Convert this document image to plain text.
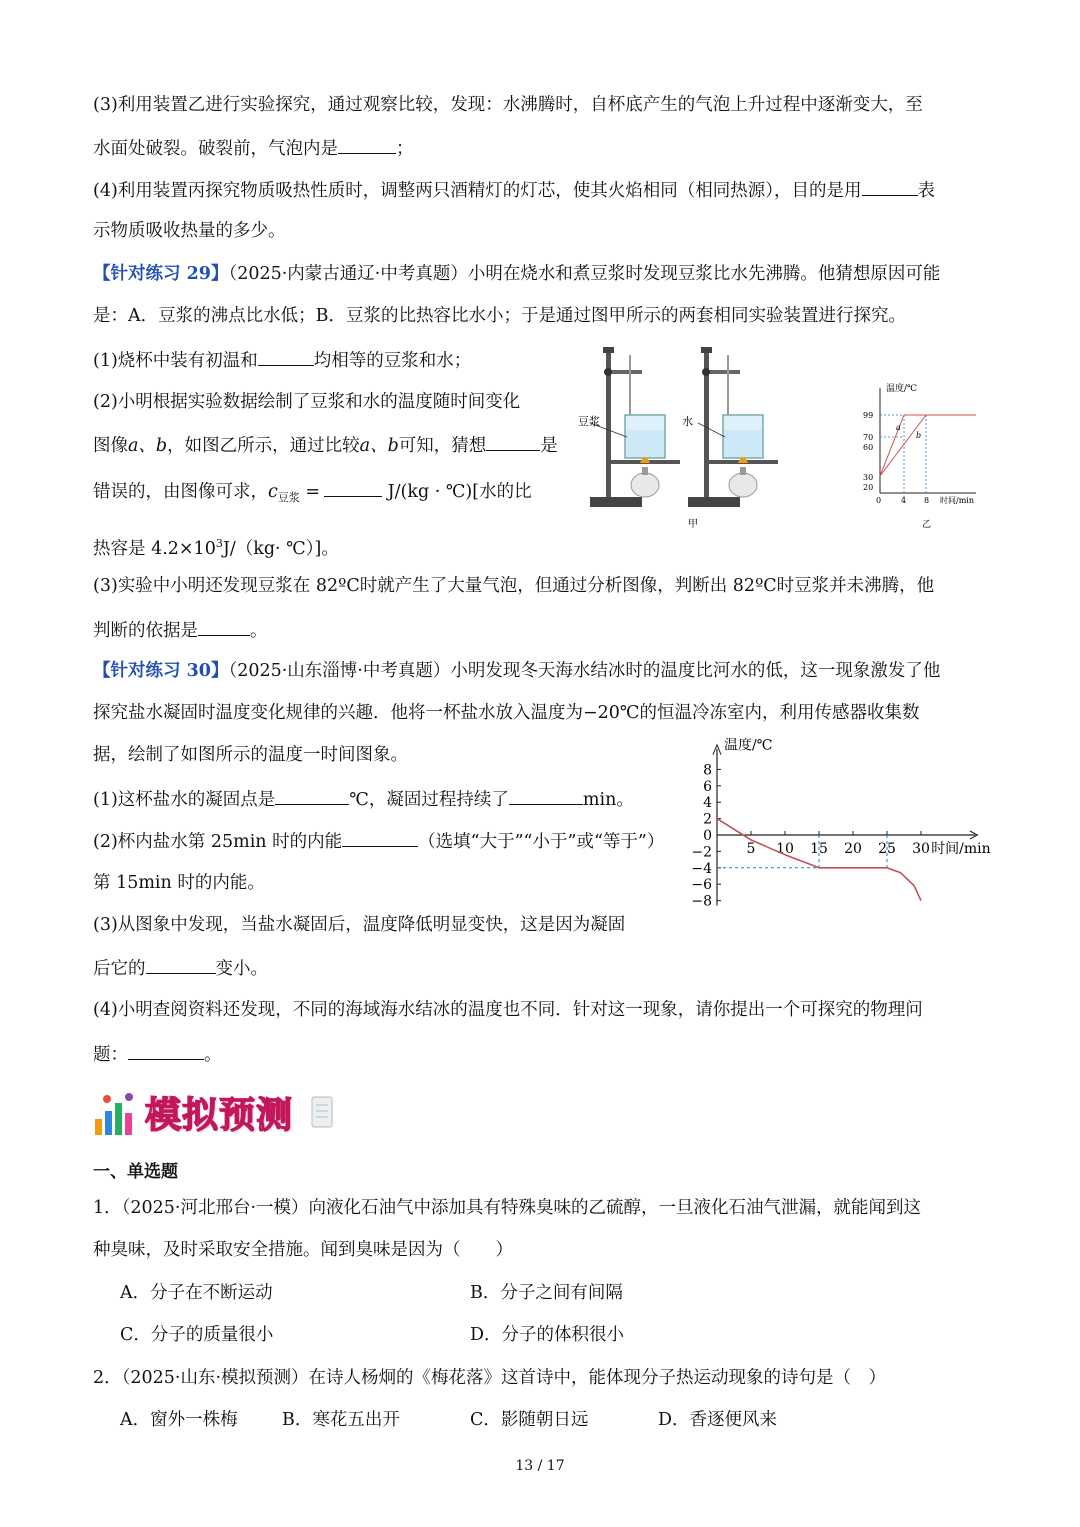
(3)利用装置乙进行实验探究，通过观察比较，发现：水沸腾时，自杯底产生的气泡上升过程中逐渐变大，至
水面处破裂。破裂前，气泡内是	；
(4)利用装置丙探究物质吸热性质时，调整两只酒精灯的灯芯，使其火焰相同（相同热源），目的是用	表
示物质吸收热量的多少。
【针对练习 29】（2025·内蒙古通辽·中考真题）小明在烧水和煮豆浆时发现豆浆比水先沸腾。他猜想原因可能
是：A．豆浆的沸点比水低；B．豆浆的比热容比水小；于是通过图甲所示的两套相同实验装置进行探究。
(1)烧杯中装有初温和	均相等的豆浆和水；
(2)小明根据实验数据绘制了豆浆和水的温度随时间变化
图像a、b，如图乙所示，通过比较a、b可知，猜想	是
错误的，由图像可求，$c_{豆浆}$ =	J/(kg · ℃)[水的比
热容是 $4.2\times 10^3J/(kg\cdot$ ℃）]。
(3)实验中小明还发现豆浆在 82ºC时就产生了大量气泡，但通过分析图像，判断出 82ºC时豆浆并未沸腾，他
判断的依据是	。
豆浆	水
甲
温度/℃
时间/min
99
70
60
30
20
0 4 8
a
b
乙
【针对练习 30】（2025·山东淄博·中考真题）小明发现冬天海水结冰时的温度比河水的低，这一现象激发了他
探究盐水凝固时温度变化规律的兴趣．他将一杯盐水放入温度为−20℃的恒温冷冻室内，利用传感器收集数
据，绘制了如图所示的温度一时间图象。
(1)这杯盐水的凝固点是	℃，凝固过程持续了	min。
(2)杯内盐水第 25min 时的内能	（选填“大于”“小于”或“等于”）
第 15min 时的内能。
(3)从图象中发现，当盐水凝固后，温度降低明显变快，这是因为凝固
后它的	变小。
(4)小明查阅资料还发现，不同的海域海水结冰的温度也不同．针对这一现象，请你提出一个可探究的物理问
题：	。
8
6
4
2
0
−2
−4
−6
−8
5 10 15 20 25 30
温度/℃
时间/min
模拟预测
一、单选题
1．（2025·河北邢台·一模）向液化石油气中添加具有特殊臭味的乙硫醇，一旦液化石油气泄漏，就能闻到这
种臭味，及时采取安全措施。闻到臭味是因为（　　）
A．分子在不断运动	B．分子之间有间隔
C．分子的质量很小	D．分子的体积很小
2．（2025·山东·模拟预测）在诗人杨炯的《梅花落》这首诗中，能体现分子热运动现象的诗句是（　）
A．窗外一株梅	B．寒花五出开	C．影随朝日远	D．香逐便风来
13 / 17
